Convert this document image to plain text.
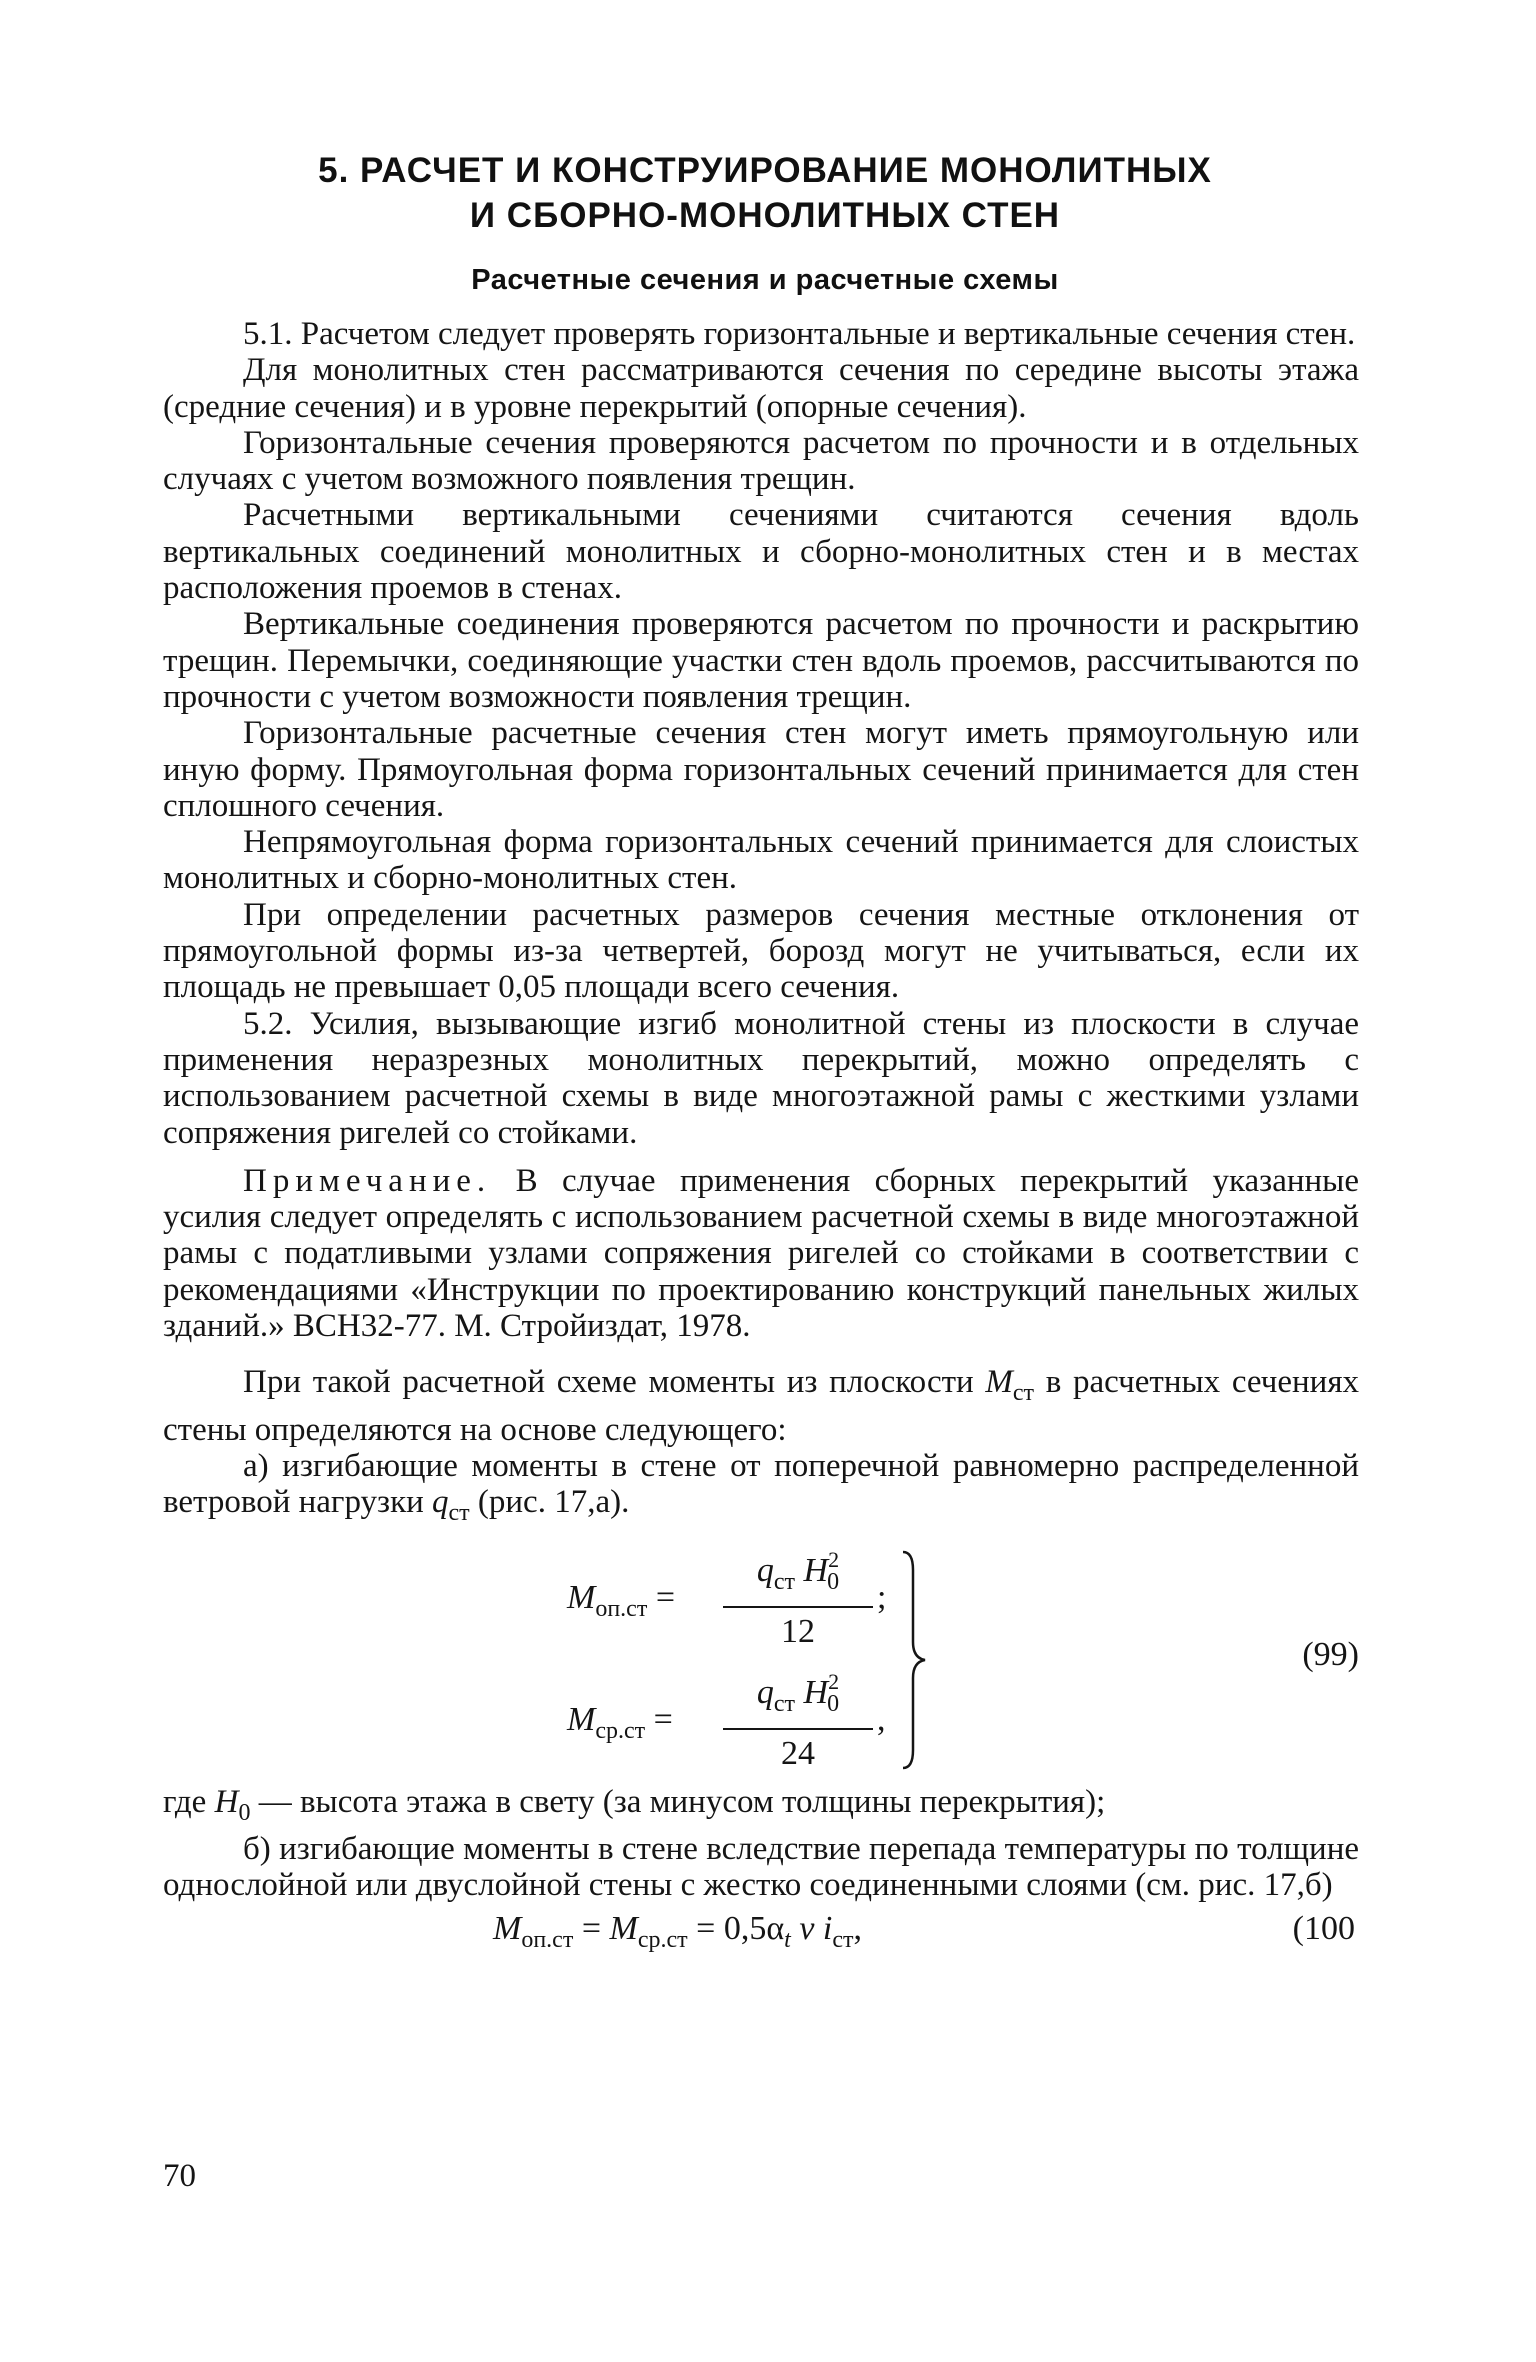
5. РАСЧЕТ И КОНСТРУИРОВАНИЕ МОНОЛИТНЫХ
И СБОРНО-МОНОЛИТНЫХ СТЕН
Расчетные сечения и расчетные схемы

5.1. Расчетом следует проверять горизонтальные и вертикальные сечения стен.

Для монолитных стен рассматриваются сечения по середине высоты этажа (средние сечения) и в уровне перекрытий (опорные сечения).

Горизонтальные сечения проверяются расчетом по прочности и в отдельных случаях с учетом возможного появления трещин.

Расчетными вертикальными сечениями считаются сечения вдоль вертикальных соединений монолитных и сборно-монолитных стен и в местах расположения проемов в стенах.

Вертикальные соединения проверяются расчетом по прочности и раскрытию трещин. Перемычки, соединяющие участки стен вдоль проемов, рассчитываются по прочности с учетом возможности появления трещин.

Горизонтальные расчетные сечения стен могут иметь прямоугольную или иную форму. Прямоугольная форма горизонтальных сечений принимается для стен сплошного сечения.

Непрямоугольная форма горизонтальных сечений принимается для слоистых монолитных и сборно-монолитных стен.

При определении расчетных размеров сечения местные отклонения от прямоугольной формы из-за четвертей, борозд могут не учитываться, если их площадь не превышает 0,05 площади всего сечения.

5.2. Усилия, вызывающие изгиб монолитной стены из плоскости в случае применения неразрезных монолитных перекрытий, можно определять с использованием расчетной схемы в виде многоэтажной рамы с жесткими узлами сопряжения ригелей со стойками.

Примечание. В случае применения сборных перекрытий указанные усилия следует определять с использованием расчетной схемы в виде многоэтажной рамы с податливыми узлами сопряжения ригелей со стойками в соответствии с рекомендациями «Инструкции по проектированию конструкций панельных жилых зданий.» ВСН32-77. М. Стройиздат, 1978.

При такой расчетной схеме моменты из плоскости $M_{ст}$ в расчетных сечениях стены определяются на основе следующего:

а) изгибающие моменты в стене от поперечной равномерно распределенной ветровой нагрузки $q_{ст}$ (рис. 17,а).

$M_{оп.ст}$ =
$q_{ст}$ $H^2_0$
12
;
$M_{ср.ст}$ =
$q_{ст}$ $H^2_0$
24
,
(99)

где $H_0$ — высота этажа в свету (за минусом толщины перекрытия);

б) изгибающие моменты в стене вследствие перепада температуры по толщине однослойной или двуслойной стены с жестко соединенными слоями (см. рис. 17,б)

$M_{оп.ст} = M_{ср.ст} = 0,5\alpha_t$ v $i_{ст}$,	(100
70
